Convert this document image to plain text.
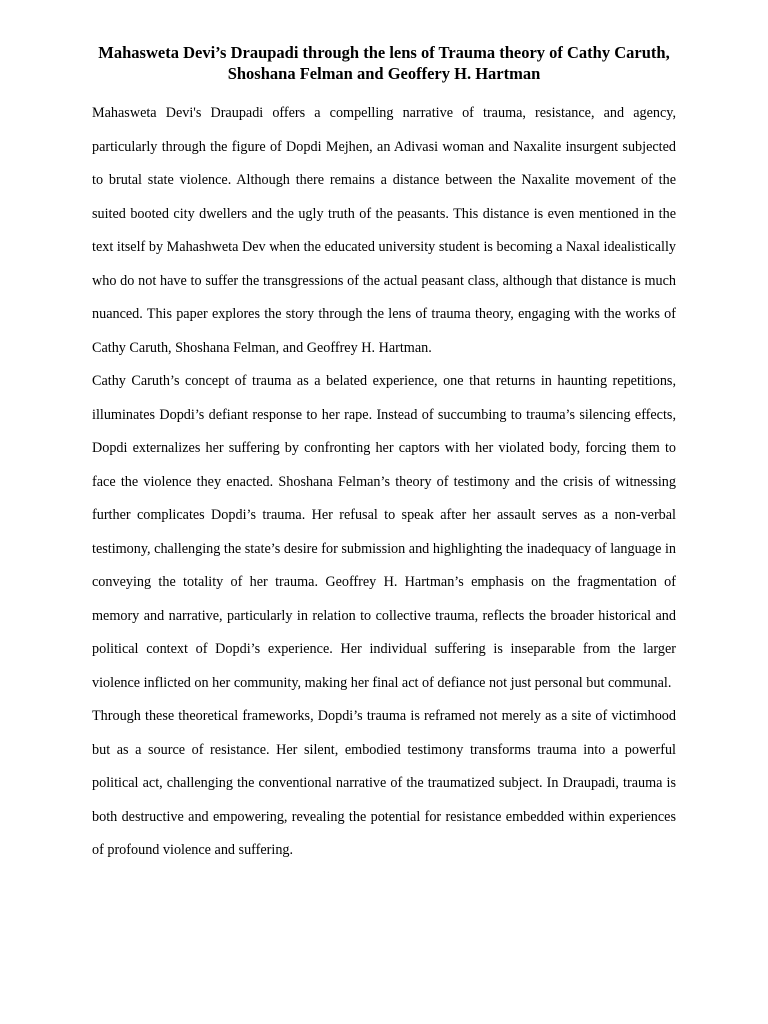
Mahasweta Devi’s Draupadi through the lens of Trauma theory of Cathy Caruth, Shoshana Felman and Geoffery H. Hartman

Mahasweta Devi's Draupadi offers a compelling narrative of trauma, resistance, and agency, particularly through the figure of Dopdi Mejhen, an Adivasi woman and Naxalite insurgent subjected to brutal state violence. Although there remains a distance between the Naxalite movement of the suited booted city dwellers and the ugly truth of the peasants. This distance is even mentioned in the text itself by Mahashweta Dev when the educated university student is becoming a Naxal idealistically who do not have to suffer the transgressions of the actual peasant class, although that distance is much nuanced. This paper explores the story through the lens of trauma theory, engaging with the works of Cathy Caruth, Shoshana Felman, and Geoffrey H. Hartman.

Cathy Caruth’s concept of trauma as a belated experience, one that returns in haunting repetitions, illuminates Dopdi’s defiant response to her rape. Instead of succumbing to trauma’s silencing effects, Dopdi externalizes her suffering by confronting her captors with her violated body, forcing them to face the violence they enacted. Shoshana Felman’s theory of testimony and the crisis of witnessing further complicates Dopdi’s trauma. Her refusal to speak after her assault serves as a non-verbal testimony, challenging the state’s desire for submission and highlighting the inadequacy of language in conveying the totality of her trauma. Geoffrey H. Hartman’s emphasis on the fragmentation of memory and narrative, particularly in relation to collective trauma, reflects the broader historical and political context of Dopdi’s experience. Her individual suffering is inseparable from the larger violence inflicted on her community, making her final act of defiance not just personal but communal.

Through these theoretical frameworks, Dopdi’s trauma is reframed not merely as a site of victimhood but as a source of resistance. Her silent, embodied testimony transforms trauma into a powerful political act, challenging the conventional narrative of the traumatized subject. In Draupadi, trauma is both destructive and empowering, revealing the potential for resistance embedded within experiences of profound violence and suffering.
